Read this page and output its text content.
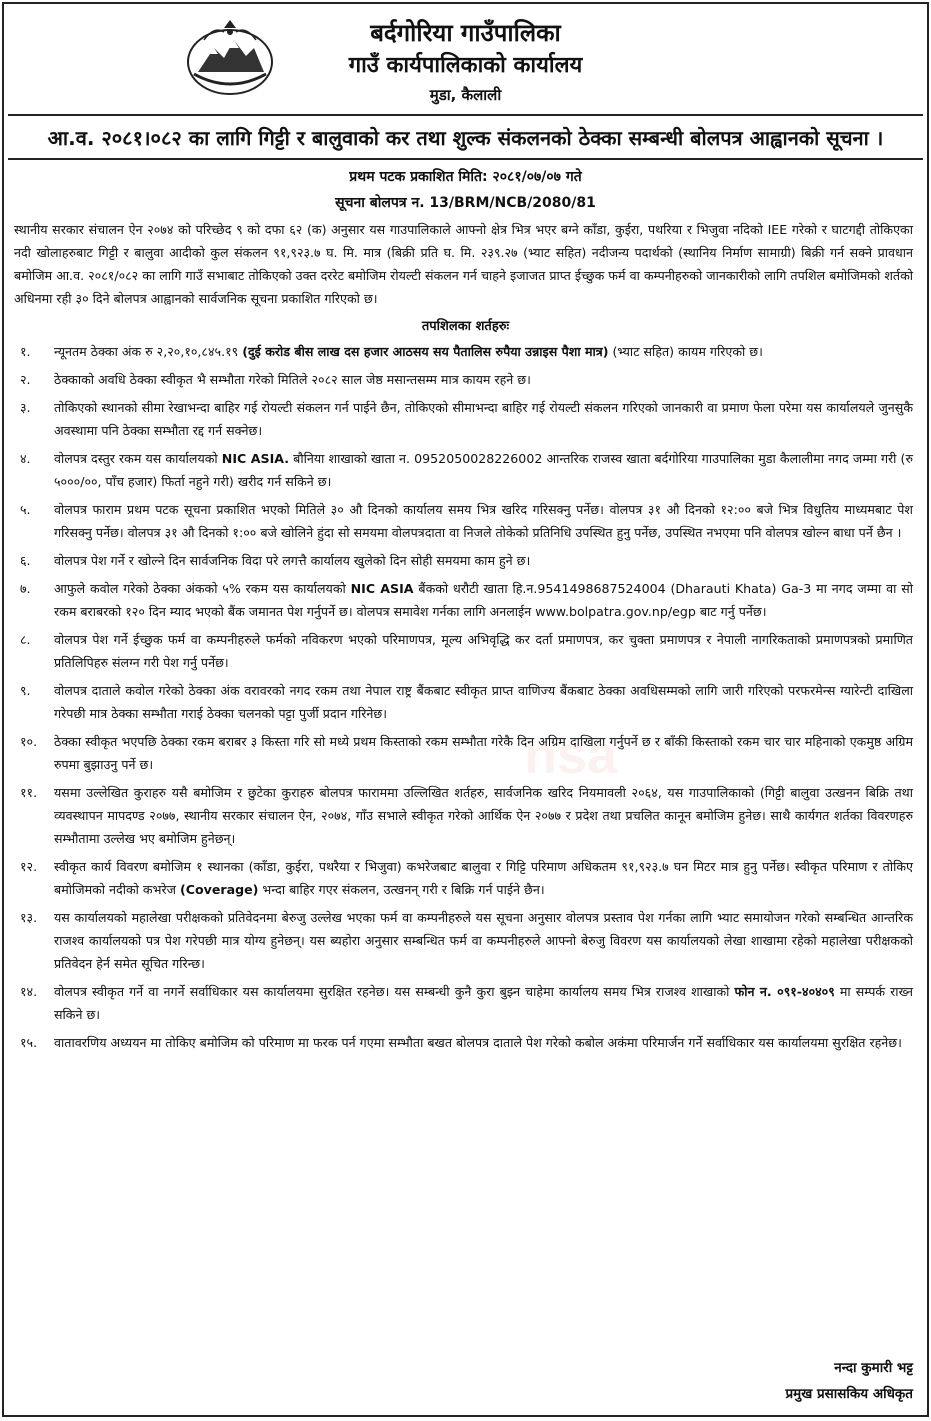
बर्दगोरिया गाउँपालिका
गाउँ कार्यपालिकाको कार्यालय
मुडा, कैलाली
आ.व. २०८१।०८२ का लागि गिट्टी र बालुवाको कर तथा शुल्क संकलनको ठेक्का सम्बन्धी बोलपत्र आह्वानको सूचना ।
प्रथम पटक प्रकाशित मिति: २०८१/०७/०७ गते
सूचना बोलपत्र न. 13/BRM/NCB/2080/81
स्थानीय सरकार संचालन ऐन २०७४ को परिच्छेद ९ को दफा ६२ (क) अनुसार यस गाउपालिकाले आफ्नो क्षेत्र भित्र भएर बग्ने काँडा, कुईरा, पथरिया र भिजुवा नदिको IEE गरेको र घाटगद्दी तोकिएका नदी खोलाहरुबाट गिट्टी र बालुवा आदीको कुल संकलन ९१,९२३.७ घ. मि. मात्र (बिक्री प्रति घ. मि. २३९.२७ (भ्याट सहित) नदीजन्य पदार्थको (स्थानिय निर्माण सामाग्री) बिक्री गर्न सक्ने प्रावधान बमोजिम आ.व. २०८१/०८२ का लागि गाउँ सभाबाट तोकिएको उक्त दररेट बमोजिम रोयल्टी संकलन गर्न चाहने इजाजत प्राप्त ईच्छुक फर्म वा कम्पनीहरुको जानकारीको लागि तपशिल बमोजिमको शर्तको अधिनमा रही ३० दिने बोलपत्र आह्वानको सार्वजनिक सूचना प्रकाशित गरिएको छ।
तपशिलका शर्तहरुः
१.	न्यूनतम ठेक्का अंक रु २,२०,१०,८४५.१९ (दुई करोड बीस लाख दस हजार आठसय सय पैतालिस रुपैया उन्नाइस पैशा मात्र) (भ्याट सहित) कायम गरिएको छ।
२.	ठेक्काको अवधि ठेक्का स्वीकृत भै सम्भौता गरेको मितिले २०८२ साल जेष्ठ मसान्तसम्म मात्र कायम रहने छ।
३.	तोकिएको स्थानको सीमा रेखाभन्दा बाहिर गई रोयल्टी संकलन गर्न पाईने छैन, तोकिएको सीमाभन्दा बाहिर गई रोयल्टी संकलन गरिएको जानकारी वा प्रमाण फेला परेमा यस कार्यालयले जुनसुकै अवस्थामा पनि ठेक्का सम्भौता रद्द गर्न सक्नेछ।
४.	वोलपत्र दस्तुर रकम यस कार्यालयको NIC ASIA. बौनिया शाखाको खाता न. 095205002822600​2 आन्तरिक राजस्व खाता बर्दगोरिया गाउपालिका मुडा कैलालीमा नगद जम्मा गरी (रु ५०००/००, पाँच हजार) फिर्ता नहुने गरी) खरीद गर्न सकिने छ।
५.	वोलपत्र फाराम प्रथम पटक सूचना प्रकाशित भएको मितिले ३० औ दिनको कार्यालय समय भित्र खरिद गरिसक्नु पर्नेछ। वोलपत्र ३१ औ दिनको १२:०० बजे भित्र विधुतिय माध्यमबाट पेश गरिसक्नु पर्नेछ। वोलपत्र ३१ औ दिनको १:०० बजे खोलिने हुंदा सो समयमा वोलपत्रदाता वा निजले तोकेको प्रतिनिधि उपस्थित हुनु पर्नेछ, उपस्थित नभएमा पनि वोलपत्र खोल्न बाधा पर्ने छैन ।
६.	वोलपत्र पेश गर्ने र खोल्ने दिन सार्वजनिक विदा परे लगत्तै कार्यालय खुलेको दिन सोही समयमा काम हुने छ।
७.	आफुले कवोल गरेको ठेक्का अंकको ५% रकम यस कार्यालयको NIC ASIA बैंकको धरौटी खाता हि.न.9541498687524004 (Dharauti Khata) Ga-3 मा नगद जम्मा वा सो रकम बराबरको १२० दिन म्याद भएको बैंक जमानत पेश गर्नुपर्ने छ। वोलपत्र समावेश गर्नका लागि अनलाईन www.bolpatra.gov.np/egp बाट गर्नु पर्नेछ।
८.	वोलपत्र पेश गर्ने ईच्छुक फर्म वा कम्पनीहरुले फर्मको नविकरण भएको परिमाणपत्र, मूल्य अभिवृद्धि कर दर्ता प्रमाणपत्र, कर चुक्ता प्रमाणपत्र र नेपाली नागरिकताको प्रमाणपत्रको प्रमाणित प्रतिलिपिहरु संलग्न गरी पेश गर्नु पर्नेछ।
९.	वोलपत्र दाताले कवोल गरेको ठेक्का अंक वरावरको नगद रकम तथा नेपाल राष्ट्र बैंकबाट स्वीकृत प्राप्त वाणिज्य बैंकबाट ठेक्का अवधिसम्मको लागि जारी गरिएको परफरमेन्स ग्यारेन्टी दाखिला गरेपछी मात्र ठेक्का सम्भौता गराई ठेक्का चलनको पट्टा पुर्जी प्रदान गरिनेछ।
१०.	ठेक्का स्वीकृत भएपछि ठेक्का रकम बराबर ३ किस्ता गरि सो मध्ये प्रथम किस्ताको रकम सम्भौता गरेकै दिन अग्रिम दाखिला गर्नुपर्ने छ र बाँकी किस्ताको रकम चार चार महिनाको एकमुष्ठ अग्रिम रुपमा बुझाउनु पर्ने छ।
११.	यसमा उल्लेखित कुराहरु यसै बमोजिम र छुटेका कुराहरु बोलपत्र फाराममा उल्लिखित शर्तहरु, सार्वजनिक खरिद नियमावली २०६४, यस गाउपालिकाको (गिट्टी बालुवा उत्खनन बिक्रि तथा व्यवस्थापन मापदण्ड २०७७, स्थानीय सरकार संचालन ऐन, २०७४, गाँउ सभाले स्वीकृत गरेको आर्थिक ऐन २०७७ र प्रदेश तथा प्रचलित कानून बमोजिम हुनेछ। साथै कार्यगत शर्तका विवरणहरु सम्भौतामा उल्लेख भए बमोजिम हुनेछन्।
१२.	स्वीकृत कार्य विवरण बमोजिम १ स्थानका (काँडा, कुईरा, पथरैया र भिजुवा) कभरेजबाट बालुवा र गिट्टि परिमाण अधिकतम ९१,९२३.७ घन मिटर मात्र हुनु पर्नेछ। स्वीकृत परिमाण र तोकिए बमोजिमको नदीको कभरेज (Coverage) भन्दा बाहिर गएर संकलन, उत्खनन् गरी र बिक्रि गर्न पाईने छैन।
१३.	यस कार्यालयको महालेखा परीक्षकको प्रतिवेदनमा बेरुजु उल्लेख भएका फर्म वा कम्पनीहरुले यस सूचना अनुसार वोलपत्र प्रस्ताव पेश गर्नका लागि भ्याट समायोजन गरेको सम्बन्धित आन्तरिक राजश्व कार्यालयको पत्र पेश गरेपछी मात्र योग्य हुनेछन्। यस ब्यहोरा अनुसार सम्बन्धित फर्म वा कम्पनीहरुले आफ्नो बेरुजु विवरण यस कार्यालयको लेखा शाखामा रहेको महालेखा परीक्षकको प्रतिवेदन हेर्न समेत सूचित गरिन्छ।
१४.	वोलपत्र स्वीकृत गर्ने वा नगर्ने सर्वाधिकार यस कार्यालयमा सुरक्षित रहनेछ। यस सम्बन्धी कुनै कुरा बुझ्न चाहेमा कार्यालय समय भित्र राजश्व शाखाको फोन न. ०९१-४०४०९ मा सम्पर्क राख्न सकिने छ।
१५.	वातावरणिय अध्ययन मा तोकिए बमोजिम को परिमाण मा फरक पर्न गएमा सम्भौता बखत बोलपत्र दाताले पेश गरेको कबोल अकंमा परिमार्जन गर्ने सर्वाधिकार यस कार्यालयमा सुरक्षित रहनेछ।
nsa
नन्दा कुमारी भट्ट
प्रमुख प्रसासकिय अधिकृत
